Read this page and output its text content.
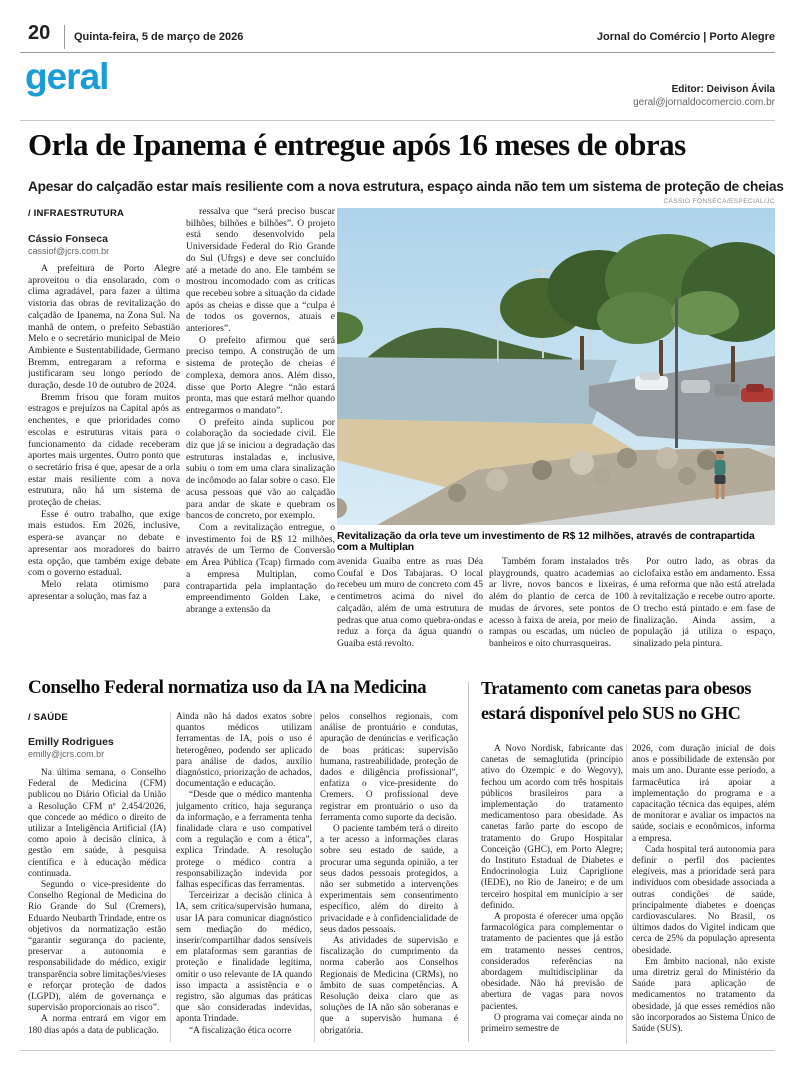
20 Quinta-feira, 5 de março de 2026	Jornal do Comércio | Porto Alegre
geral	Editor: Deivison Ávila
geral@jornaldocomercio.com.br
Orla de Ipanema é entregue após 16 meses de obras
Apesar do calçadão estar mais resiliente com a nova estrutura, espaço ainda não tem um sistema de proteção de cheias
/ INFRAESTRUTURA
Cássio Fonseca
cassiof@jcrs.com.br

A prefeitura de Porto Alegre aproveitou o dia ensolarado, com o clima agradável, para fazer a última vistoria das obras de revitalização do calçadão de Ipanema, na Zona Sul. Na manhã de ontem, o prefeito Sebastião Melo e o secretário municipal de Meio Ambiente e Sustentabilidade, Germano Bremm, entregaram a reforma e justificaram seu longo período de duração, desde 10 de outubro de 2024.

Bremm frisou que foram muitos estragos e prejuízos na Capital após as enchentes, e que prioridades como escolas e estruturas vitais para o funcionamento da cidade receberam aportes mais urgentes. Outro ponto que o secretário frisa é que, apesar de a orla estar mais resiliente com a nova estrutura, não há um sistema de proteção de cheias.

Esse é outro trabalho, que exige mais estudos. Em 2026, inclusive, espera-se avançar no debate e apresentar aos moradores do bairro esta opção, que também exige debate com o governo estadual.

Melo relata otimismo para apresentar a solução, mas faz a

ressalva que “será preciso buscar bilhões, bilhões e bilhões”. O projeto está sendo desenvolvido pela Universidade Federal do Rio Grande do Sul (Ufrgs) e deve ser concluído até a metade do ano. Ele também se mostrou incomodado com as críticas que recebeu sobre a situação da cidade após as cheias e disse que a “culpa é de todos os governos, atuais e anteriores”.

O prefeito afirmou que será preciso tempo. A construção de um sistema de proteção de cheias é complexa, demora anos. Além disso, disse que Porto Alegre “não estará pronta, mas que estará melhor quando entregarmos o mandato”.

O prefeito ainda suplicou por colaboração da sociedade civil. Ele diz que já se iniciou a degradação das estruturas instaladas e, inclusive, subiu o tom em uma clara sinalização de incômodo ao falar sobre o caso. Ele acusa pessoas que vão ao calçadão para andar de skate e quebram os bancos de concreto, por exemplo.

Com a revitalização entregue, o investimento foi de R$ 12 milhões, através de um Termo de Conversão em Área Pública (Tcap) firmado com a empresa Multiplan, como contrapartida pela implantação do empreendimento Golden Lake, e abrange a extensão da

CÁSSIO FONSECA/ESPECIAL/JC
Revitalização da orla teve um investimento de R$ 12 milhões, através de contrapartida com a Multiplan

avenida Guaíba entre as ruas Déa Coufal e Dos Tabajaras. O local recebeu um muro de concreto com 45 centímetros acima do nível do calçadão, além de uma estrutura de pedras que atua como quebra-ondas e reduz a força da água quando o Guaíba está revolto.

Também foram instalados três playgrounds, quatro academias ao ar livre, novos bancos e lixeiras, além do plantio de cerca de 100 mudas de árvores, sete pontos de acesso à faixa de areia, por meio de rampas ou escadas, um núcleo de banheiros e oito churrasqueiras.

Por outro lado, as obras da ciclofaixa estão em andamento. Essa é uma reforma que não está atrelada à revitalização e recebe outro aporte. O trecho está pintado e em fase de finalização. Ainda assim, a população já utiliza o espaço, sinalizado pela pintura.

Conselho Federal normatiza uso da IA na Medicina
/ SAÚDE
Emilly Rodrigues
emilly@jcrs.com.br

Na última semana, o Conselho Federal de Medicina (CFM) publicou no Diário Oficial da União a Resolução CFM nº 2.454/2026, que concede ao médico o direito de utilizar a Inteligência Artificial (IA) como apoio à decisão clínica, à gestão em saúde, à pesquisa científica e à educação médica continuada.

Segundo o vice-presidente do Conselho Regional de Medicina do Rio Grande do Sul (Cremers), Eduardo Neubarth Trindade, entre os objetivos da normatização estão “garantir segurança do paciente, preservar a autonomia e responsabilidade do médico, exigir transparência sobre limitações/vieses e reforçar proteção de dados (LGPD), além de governança e supervisão proporcionais ao risco”.

A norma entrará em vigor em 180 dias após a data de publicação.

Ainda não há dados exatos sobre quantos médicos utilizam ferramentas de IA, pois o uso é heterogêneo, podendo ser aplicado para análise de dados, auxílio diagnóstico, priorização de achados, documentação e educação.

“Desde que o médico mantenha julgamento crítico, haja segurança da informação, e a ferramenta tenha finalidade clara e uso compatível com a regulação e com a ética”, explica Trindade. A resolução protege o médico contra a responsabilização indevida por falhas específicas das ferramentas.

Terceirizar a decisão clínica à IA, sem crítica/supervisão humana, usar IA para comunicar diagnóstico sem mediação do médico, inserir/compartilhar dados sensíveis em plataformas sem garantias de proteção e finalidade legítima, omitir o uso relevante de IA quando isso impacta a assistência e o registro, são algumas das práticas que são consideradas indevidas, aponta Trindade.

“A fiscalização ética ocorre

pelos conselhos regionais, com análise de prontuário e condutas, apuração de denúncias e verificação de boas práticas: supervisão humana, rastreabilidade, proteção de dados e diligência profissional”, enfatiza o vice-presidente do Cremers. O profissional deve registrar em prontuário o uso da ferramenta como suporte da decisão.

O paciente também terá o direito a ter acesso a informações claras sobre seu estado de saúde, a procurar uma segunda opinião, a ter seus dados pessoais protegidos, a não ser submetido a intervenções experimentais sem consentimento específico, além do direito à privacidade e à confidencialidade de seus dados pessoais.

As atividades de supervisão e fiscalização do cumprimento da norma caberão aos Conselhos Regionais de Medicina (CRMs), no âmbito de suas competências. A Resolução deixa claro que as soluções de IA não são soberanas e que a supervisão humana é obrigatória.

Tratamento com canetas para obesos estará disponível pelo SUS no GHC

A Novo Nordisk, fabricante das canetas de semaglutida (princípio ativo do Ozempic e do Wegovy), fechou um acordo com três hospitais públicos brasileiros para a implementação do tratamento medicamentoso para obesidade. As canetas farão parte do escopo de tratamento do Grupo Hospitalar Conceição (GHC), em Porto Alegre; do Instituto Estadual de Diabetes e Endocrinologia Luiz Capriglione (IEDE), no Rio de Janeiro; e de um terceiro hospital em município a ser definido.

A proposta é oferecer uma opção farmacológica para complementar o tratamento de pacientes que já estão em tratamento nesses centros, considerados referências na abordagem multidisciplinar da obesidade. Não há previsão de abertura de vagas para novos pacientes.

O programa vai começar ainda no primeiro semestre de

2026, com duração inicial de dois anos e possibilidade de extensão por mais um ano. Durante esse período, a farmacêutica irá apoiar a implementação do programa e a capacitação técnica das equipes, além de monitorar e avaliar os impactos na saúde, sociais e econômicos, informa a empresa.

Cada hospital terá autonomia para definir o perfil dos pacientes elegíveis, mas a prioridade será para indivíduos com obesidade associada a outras condições de saúde, principalmente diabetes e doenças cardiovasculares. No Brasil, os últimos dados do Vigitel indicam que cerca de 25% da população apresenta obesidade.

Em âmbito nacional, não existe uma diretriz geral do Ministério da Saúde para aplicação de medicamentos no tratamento da obesidade, já que esses remédios não são incorporados ao Sistema Único de Saúde (SUS).
